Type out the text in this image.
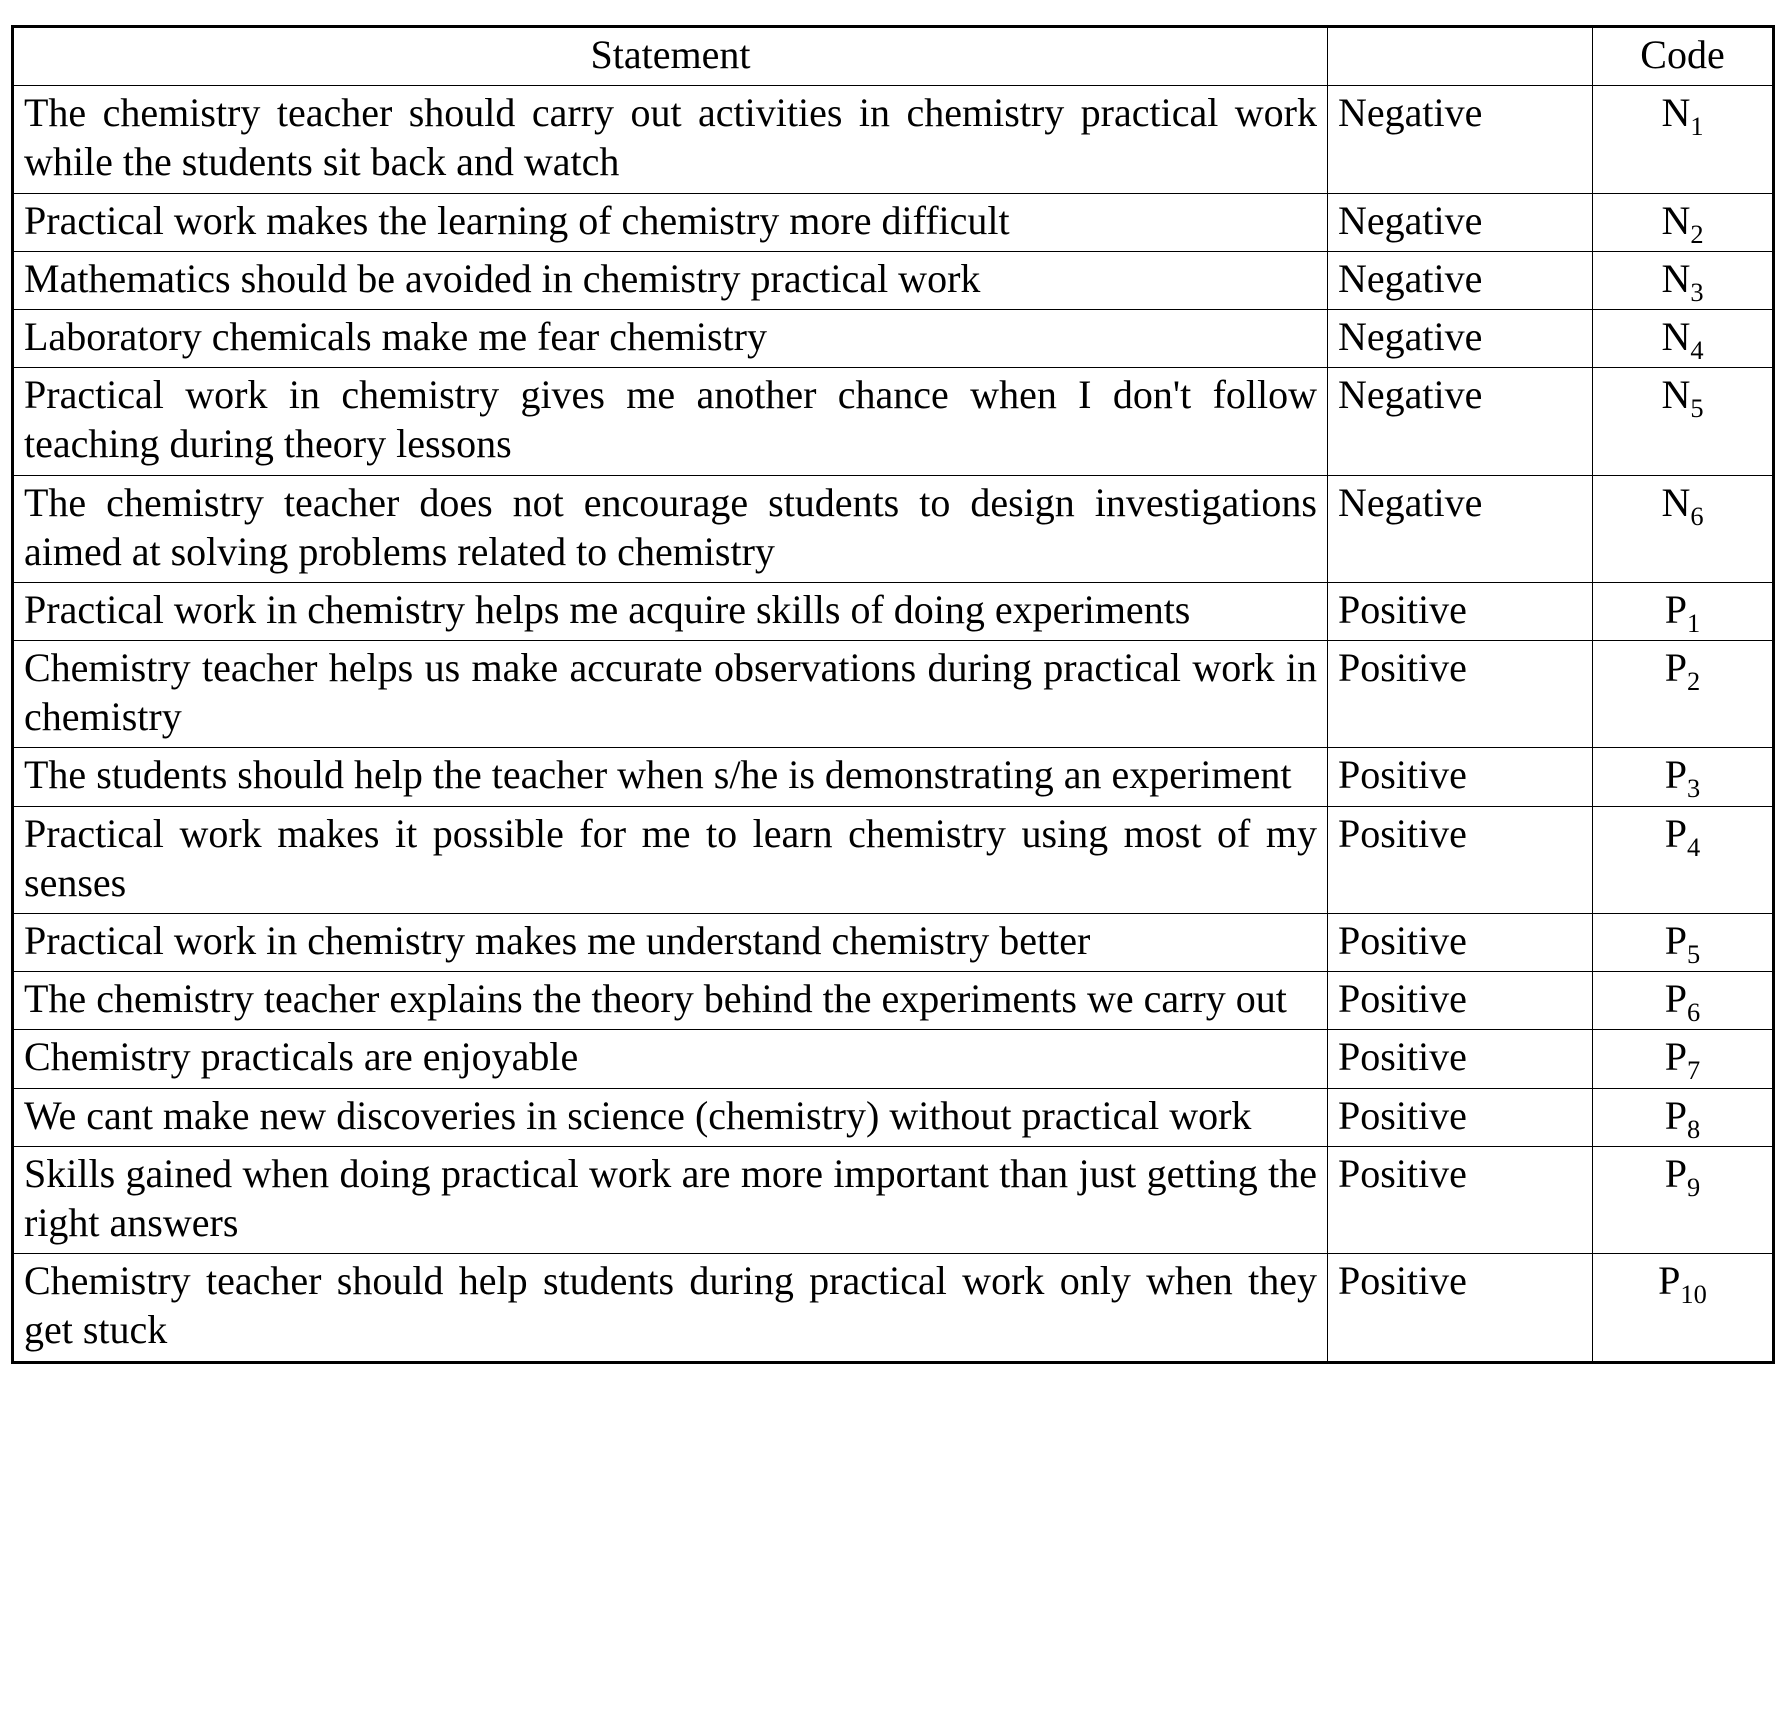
Statement		Code
The chemistry teacher should carry out activities in chemistry practical work while the students sit back and watch	Negative	$N_1$
Practical work makes the learning of chemistry more difficult	Negative	$N_2$
Mathematics should be avoided in chemistry practical work	Negative	$N_3$
Laboratory chemicals make me fear chemistry	Negative	$N_4$
Practical work in chemistry gives me another chance when I don't follow teaching during theory lessons	Negative	$N_5$
The chemistry teacher does not encourage students to design investigations aimed at solving problems related to chemistry	Negative	$N_6$
Practical work in chemistry helps me acquire skills of doing experiments	Positive	$P_1$
Chemistry teacher helps us make accurate observations during practical work in chemistry	Positive	$P_2$
The students should help the teacher when s/he is demonstrating an experiment	Positive	$P_3$
Practical work makes it possible for me to learn chemistry using most of my senses	Positive	$P_4$
Practical work in chemistry makes me understand chemistry better	Positive	$P_5$
The chemistry teacher explains the theory behind the experiments we carry out	Positive	$P_6$
Chemistry practicals are enjoyable	Positive	$P_7$
We cant make new discoveries in science (chemistry) without practical work	Positive	$P_8$
Skills gained when doing practical work are more important than just getting the right answers	Positive	$P_9$
Chemistry teacher should help students during practical work only when they get stuck	Positive	$P_{10}$
